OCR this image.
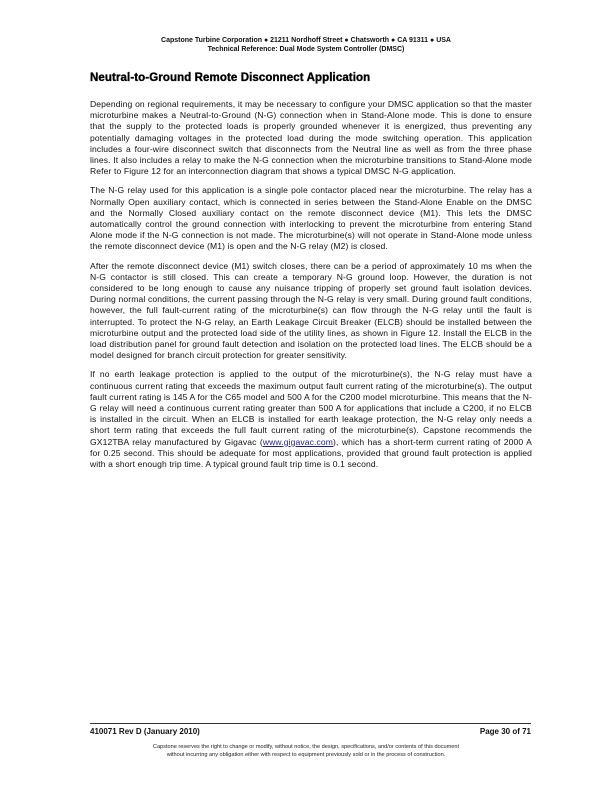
Capstone Turbine Corporation ● 21211 Nordhoff Street ● Chatsworth ● CA 91311 ● USA
Technical Reference: Dual Mode System Controller (DMSC)
Neutral-to-Ground Remote Disconnect Application

Depending on regional requirements, it may be necessary to configure your DMSC application so that the master microturbine makes a Neutral-to-Ground (N-G) connection when in Stand-Alone mode. This is done to ensure that the supply to the protected loads is properly grounded whenever it is energized, thus preventing any potentially damaging voltages in the protected load during the mode switching operation. This application includes a four-wire disconnect switch that disconnects from the Neutral line as well as from the three phase lines. It also includes a relay to make the N-G connection when the microturbine transitions to Stand-Alone mode Refer to Figure 12 for an interconnection diagram that shows a typical DMSC N-G application.

The N-G relay used for this application is a single pole contactor placed near the microturbine. The relay has a Normally Open auxiliary contact, which is connected in series between the Stand-Alone Enable on the DMSC and the Normally Closed auxiliary contact on the remote disconnect device (M1). This lets the DMSC automatically control the ground connection with interlocking to prevent the microturbine from entering Stand Alone mode if the N-G connection is not made. The microturbine(s) will not operate in Stand-Alone mode unless the remote disconnect device (M1) is open and the N-G relay (M2) is closed.

After the remote disconnect device (M1) switch closes, there can be a period of approximately 10 ms when the N-G contactor is still closed. This can create a temporary N-G ground loop. However, the duration is not considered to be long enough to cause any nuisance tripping of properly set ground fault isolation devices. During normal conditions, the current passing through the N-G relay is very small. During ground fault conditions, however, the full fault-current rating of the microturbine(s) can flow through the N-G relay until the fault is interrupted. To protect the N-G relay, an Earth Leakage Circuit Breaker (ELCB) should be installed between the microturbine output and the protected load side of the utility lines, as shown in Figure 12. Install the ELCB in the load distribution panel for ground fault detection and isolation on the protected load lines. The ELCB should be a model designed for branch circuit protection for greater sensitivity.

If no earth leakage protection is applied to the output of the microturbine(s), the N-G relay must have a continuous current rating that exceeds the maximum output fault current rating of the microturbine(s). The output fault current rating is 145 A for the C65 model and 500 A for the C200 model microturbine. This means that the N-G relay will need a continuous current rating greater than 500 A for applications that include a C200, if no ELCB is installed in the circuit. When an ELCB is installed for earth leakage protection, the N-G relay only needs a short term rating that exceeds the full fault current rating of the microturbine(s). Capstone recommends the GX12TBA relay manufactured by Gigavac (www.gigavac.com), which has a short-term current rating of 2000 A for 0.25 second. This should be adequate for most applications, provided that ground fault protection is applied with a short enough trip time. A typical ground fault trip time is 0.1 second.

410071 Rev D (January 2010)	Page 30 of 71
Capstone reserves the right to change or modify, without notice, the design, specifications, and/or contents of this document
without incurring any obligation either with respect to equipment previously sold or in the process of construction.
